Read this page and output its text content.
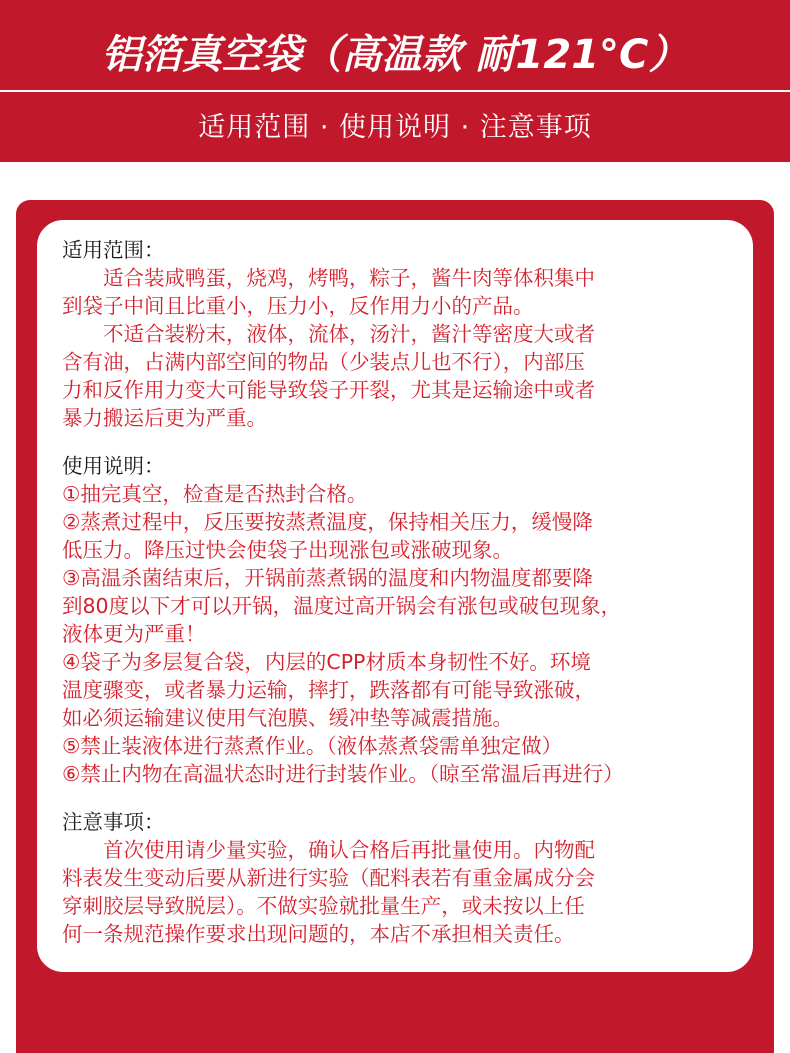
铝箔真空袋（高温款 耐121°C）
适用范围 · 使用说明 · 注意事项
适用范围：
适合装咸鸭蛋，烧鸡，烤鸭，粽子，酱牛肉等体积集中
到袋子中间且比重小，压力小，反作用力小的产品。
不适合装粉末，液体，流体，汤汁，酱汁等密度大或者
含有油，占满内部空间的物品（少装点儿也不行），内部压
力和反作用力变大可能导致袋子开裂，尤其是运输途中或者
暴力搬运后更为严重。
使用说明：
①抽完真空，检查是否热封合格。
②蒸煮过程中，反压要按蒸煮温度，保持相关压力，缓慢降
低压力。降压过快会使袋子出现涨包或涨破现象。
③高温杀菌结束后，开锅前蒸煮锅的温度和内物温度都要降
到80度以下才可以开锅，温度过高开锅会有涨包或破包现象，
液体更为严重！
④袋子为多层复合袋，内层的CPP材质本身韧性不好。环境
温度骤变，或者暴力运输，摔打，跌落都有可能导致涨破，
如必须运输建议使用气泡膜、缓冲垫等减震措施。
⑤禁止装液体进行蒸煮作业。（液体蒸煮袋需单独定做）
⑥禁止内物在高温状态时进行封装作业。（晾至常温后再进行）
注意事项：
首次使用请少量实验，确认合格后再批量使用。内物配
料表发生变动后要从新进行实验（配料表若有重金属成分会
穿刺胶层导致脱层）。不做实验就批量生产，或未按以上任
何一条规范操作要求出现问题的，本店不承担相关责任。
